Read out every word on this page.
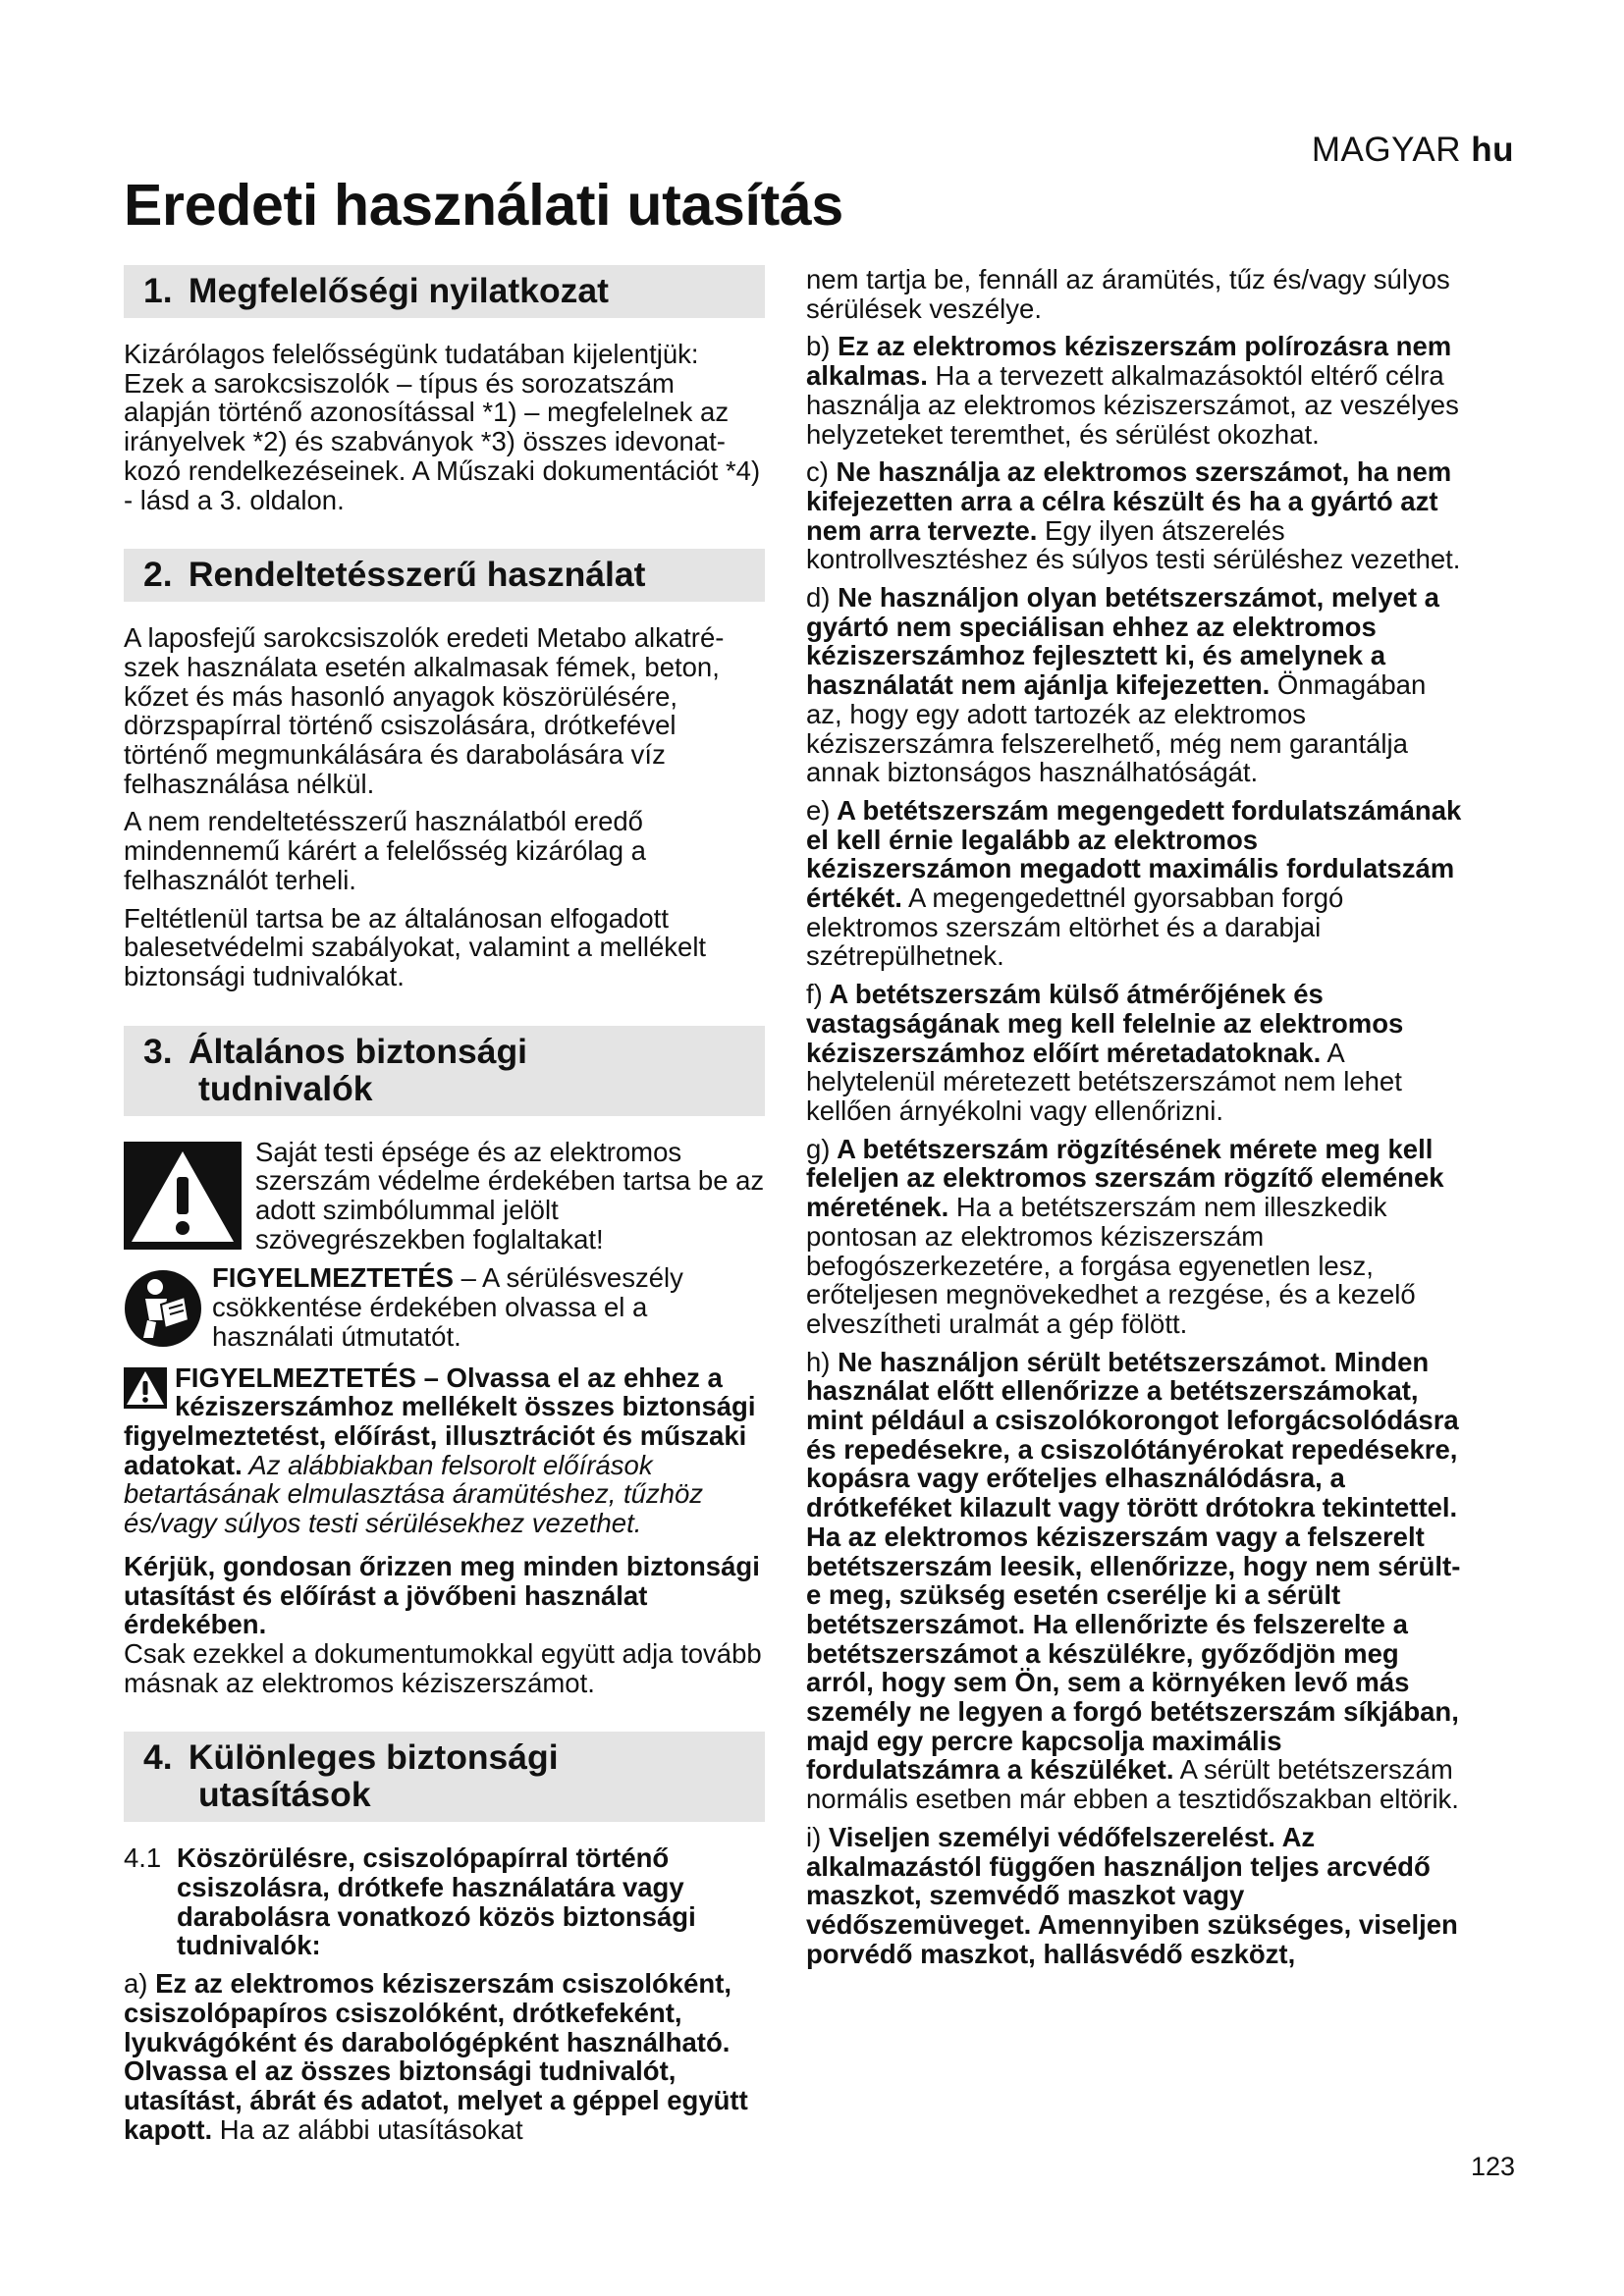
MAGYAR hu
Eredeti használati utasítás
1. Megfelelőségi nyilatkozat

Kizárólagos felelősségünk tudatában kijelentjük: Ezek a sarokcsiszolók – típus és sorozatszám alapján történő azonosítással *1) – megfelelnek az irányelvek *2) és szabványok *3) összes idevonat-kozó rendelkezéseinek. A Műszaki dokumentációt *4) - lásd a 3. oldalon.

2. Rendeltetésszerű használat

A laposfejű sarokcsiszolók eredeti Metabo alkatré-szek használata esetén alkalmasak fémek, beton, kőzet és más hasonló anyagok köszörülésére, dörzspapírral történő csiszolására, drótkefével történő megmunkálására és darabolására víz felhasználása nélkül.

A nem rendeltetésszerű használatból eredő mindennemű kárért a felelősség kizárólag a felhasználót terheli.

Feltétlenül tartsa be az általánosan elfogadott balesetvédelmi szabályokat, valamint a mellékelt biztonsági tudnivalókat.

3. Általános biztonsági
tudnivalók

Saját testi épsége és az elektromos szerszám védelme érdekében tartsa be az adott szimbólummal jelölt szövegrészekben foglaltakat!

FIGYELMEZTETÉS – A sérülésveszély csökkentése érdekében olvassa el a használati útmutatót.

FIGYELMEZTETÉS – Olvassa el az ehhez a kéziszerszámhoz mellékelt összes biztonsági figyelmeztetést, előírást, illusztrációt és műszaki adatokat. Az alábbiakban felsorolt előírások betartásának elmulasztása áramütéshez, tűzhöz és/vagy súlyos testi sérülésekhez vezethet.

Kérjük, gondosan őrizzen meg minden biztonsági utasítást és előírást a jövőbeni használat érdekében.

Csak ezekkel a dokumentumokkal együtt adja tovább másnak az elektromos kéziszerszámot.

4. Különleges biztonsági
utasítások
4.1 Köszörülésre, csiszolópapírral történő csiszolásra, drótkefe használatára vagy darabolásra vonatkozó közös biztonsági tudnivalók:

a) Ez az elektromos kéziszerszám csiszolóként, csiszolópapíros csiszolóként, drótkefeként, lyukvágóként és darabológépként használható. Olvassa el az összes biztonsági tudnivalót, utasítást, ábrát és adatot, melyet a géppel együtt kapott. Ha az alábbi utasításokat

nem tartja be, fennáll az áramütés, tűz és/vagy súlyos sérülések veszélye.

b) Ez az elektromos kéziszerszám polírozásra nem alkalmas. Ha a tervezett alkalmazásoktól eltérő célra használja az elektromos kéziszerszámot, az veszélyes helyzeteket teremthet, és sérülést okozhat.

c) Ne használja az elektromos szerszámot, ha nem kifejezetten arra a célra készült és ha a gyártó azt nem arra tervezte. Egy ilyen átszerelés kontrollvesztéshez és súlyos testi sérüléshez vezethet.

d) Ne használjon olyan betétszerszámot, melyet a gyártó nem speciálisan ehhez az elektromos kéziszerszámhoz fejlesztett ki, és amelynek a használatát nem ajánlja kifejezetten. Önmagában az, hogy egy adott tartozék az elektromos kéziszerszámra felszerelhető, még nem garantálja annak biztonságos használhatóságát.

e) A betétszerszám megengedett fordulatszámának el kell érnie legalább az elektromos kéziszerszámon megadott maximális fordulatszám értékét. A megengedettnél gyorsabban forgó elektromos szerszám eltörhet és a darabjai szétrepülhetnek.

f) A betétszerszám külső átmérőjének és vastagságának meg kell felelnie az elektromos kéziszerszámhoz előírt méretadatoknak. A helytelenül méretezett betétszerszámot nem lehet kellően árnyékolni vagy ellenőrizni.

g) A betétszerszám rögzítésének mérete meg kell feleljen az elektromos szerszám rögzítő elemének méretének. Ha a betétszerszám nem illeszkedik pontosan az elektromos kéziszerszám befogószerkezetére, a forgása egyenetlen lesz, erőteljesen megnövekedhet a rezgése, és a kezelő elveszítheti uralmát a gép fölött.

h) Ne használjon sérült betétszerszámot. Minden használat előtt ellenőrizze a betétszerszámokat, mint például a csiszolókorongot leforgácsolódásra és repedésekre, a csiszolótányérokat repedésekre, kopásra vagy erőteljes elhasználódásra, a drótkeféket kilazult vagy törött drótokra tekintettel. Ha az elektromos kéziszerszám vagy a felszerelt betétszerszám leesik, ellenőrizze, hogy nem sérült-e meg, szükség esetén cserélje ki a sérült betétszerszámot. Ha ellenőrizte és felszerelte a betétszerszámot a készülékre, győződjön meg arról, hogy sem Ön, sem a környéken levő más személy ne legyen a forgó betétszerszám síkjában, majd egy percre kapcsolja maximális fordulatszámra a készüléket. A sérült betétszerszám normális esetben már ebben a tesztidőszakban eltörik.

i) Viseljen személyi védőfelszerelést. Az alkalmazástól függően használjon teljes arcvédő maszkot, szemvédő maszkot vagy védőszemüveget. Amennyiben szükséges, viseljen porvédő maszkot, hallásvédő eszközt,

123
